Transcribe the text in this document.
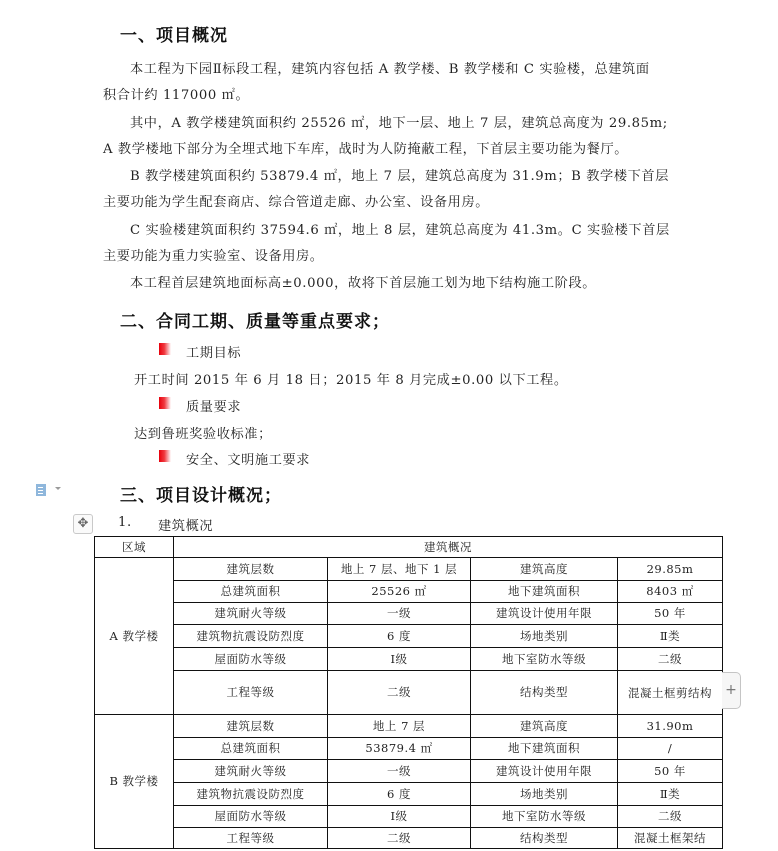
一、项目概况
本工程为下园Ⅱ标段工程，建筑内容包括 A 教学楼、B 教学楼和 C 实验楼，总建筑面
积合计约 117000 ㎡。
其中，A 教学楼建筑面积约 25526 ㎡，地下一层、地上 7 层，建筑总高度为 29.85m;
A 教学楼地下部分为全埋式地下车库，战时为人防掩蔽工程，下首层主要功能为餐厅。
B 教学楼建筑面积约 53879.4 ㎡，地上 7 层，建筑总高度为 31.9m；B 教学楼下首层
主要功能为学生配套商店、综合管道走廊、办公室、设备用房。
C 实验楼建筑面积约 37594.6 ㎡，地上 8 层，建筑总高度为 41.3m。C 实验楼下首层
主要功能为重力实验室、设备用房。
本工程首层建筑地面标高±0.000，故将下首层施工划为地下结构施工阶段。
二、合同工期、质量等重点要求；
工期目标
开工时间 2015 年 6 月 18 日；2015 年 8 月完成±0.00 以下工程。
质量要求
达到鲁班奖验收标准；
安全、文明施工要求
三、项目设计概况；
✥	1. 建筑概况
区域	建筑概况			
A 教学楼	建筑层数	地上 7 层、地下 1 层	建筑高度	29.85m
	总建筑面积	25526 ㎡	地下建筑面积	8403 ㎡
	建筑耐火等级	一级	建筑设计使用年限	50 年
	建筑物抗震设防烈度	6 度	场地类别	Ⅱ类
	屋面防水等级	Ⅰ级	地下室防水等级	二级
	工程等级	二级	结构类型	混凝土框剪结构
B 教学楼	建筑层数	地上 7 层	建筑高度	31.90m
	总建筑面积	53879.4 ㎡	地下建筑面积	/
	建筑耐火等级	一级	建筑设计使用年限	50 年
	建筑物抗震设防烈度	6 度	场地类别	Ⅱ类
	屋面防水等级	Ⅰ级	地下室防水等级	二级
	工程等级	二级	结构类型	混凝土框架结
+
